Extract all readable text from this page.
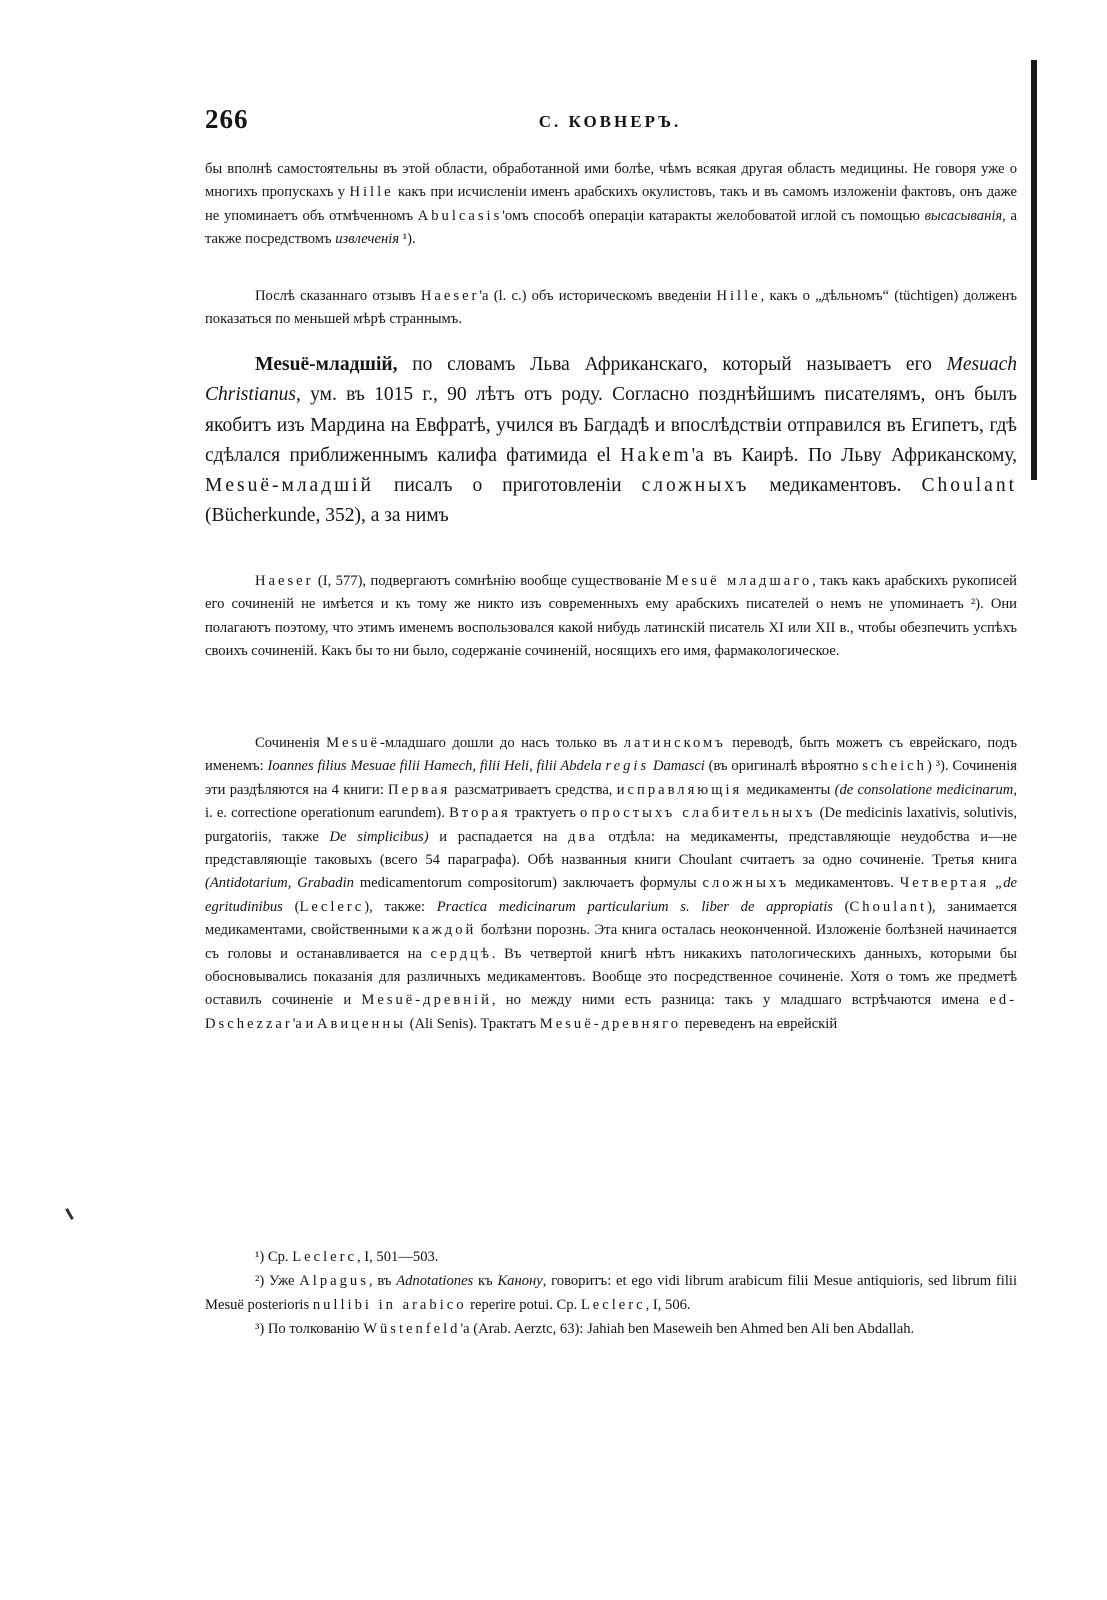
266	С. КОВНЕРЪ.

бы вполнѣ самостоятельны въ этой области, обработанной ими болѣе, чѣмъ всякая другая область медицины. Не говоря уже о многихъ пропускахъ у Hille какъ при исчисленіи именъ арабскихъ окулистовъ, такъ и въ самомъ изложеніи фактовъ, онъ даже не упоминаетъ объ отмѣченномъ Abulcasis'омъ способѣ операціи катаракты желобоватой иглой съ помощью высасыванія, а также посредствомъ извлеченія ¹).

Послѣ сказаннаго отзывъ Haeser'а (l. с.) объ историческомъ введеніи Hille, какъ о „дѣльномъ“ (tüchtigen) долженъ показаться по меньшей мѣрѣ страннымъ.

Mesuё-младшій, по словамъ Льва Африканскаго, который называетъ его Mesuach Christianus, ум. въ 1015 г., 90 лѣтъ отъ роду. Согласно позднѣйшимъ писателямъ, онъ былъ якобитъ изъ Мардина на Евфратѣ, учился въ Багдадѣ и впослѣдствіи отправился въ Египетъ, гдѣ сдѣлался приближеннымъ калифа фатимида el Hakem'а въ Каирѣ. По Льву Африканскому, Mesuё-младшій писалъ о приготовленіи сложныхъ медикаментовъ. Choulant (Bücherkunde, 352), а за нимъ

Haeser (I, 577), подвергаютъ сомнѣнію вообще существованіе Mesuё младшаго, такъ какъ арабскихъ рукописей его сочиненій не имѣется и къ тому же никто изъ современныхъ ему арабскихъ писателей о немъ не упоминаетъ ²). Они полагаютъ поэтому, что этимъ именемъ воспользовался какой нибудь латинскій писатель XI или XII в., чтобы обезпечить успѣхъ своихъ сочиненій. Какъ бы то ни было, содержаніе сочиненій, носящихъ его имя, фармакологическое.

Сочиненія Mesuё-младшаго дошли до насъ только въ латинскомъ переводѣ, быть можетъ съ еврейскаго, подъ именемъ: Ioannes filius Mesuae filii Hamech, filii Heli, filii Abdela regis Damasci (въ оригиналѣ вѣроятно scheich) ³). Сочиненія эти раздѣляются на 4 книги: Первая разсматриваетъ средства, исправляющія медикаменты (de consolatione medicinarum, i. e. correctione operationum earundem). Вторая трактуетъ о простыхъ слабительныхъ (De medicinis laxativis, solutivis, purgatoriis, также De simplicibus) и распадается на два отдѣла: на медикаменты, представляющіе неудобства и—не представляющіе таковыхъ (всего 54 параграфа). Обѣ названныя книги Choulant считаетъ за одно сочиненіе. Третья книга (Antidotarium, Grabadin medicamentorum compositorum) заключаетъ формулы сложныхъ медикаментовъ. Четвертая „de egritudinibus (Leclerc), также: Practica medicinarum particularium s. liber de appropiatis (Choulant), занимается медикаментами, свойственными каждой болѣзни порознь. Эта книга осталась неоконченной. Изложеніе болѣзней начинается съ головы и останавливается на сердцѣ. Въ четвертой книгѣ нѣтъ никакихъ патологическихъ данныхъ, которыми бы обосновывались показанія для различныхъ медикаментовъ. Вообще это посредственное сочиненіе. Хотя о томъ же предметѣ оставилъ сочиненіе и Mesuё-древній, но между ними есть разница: такъ у младшаго встрѣчаются имена ed-Dschezzar'a и Авиценны (Ali Senis). Трактатъ Mesuё-древняго переведенъ на еврейскій

¹) Ср. Leclerc, I, 501—503.

²) Уже Alpagus, въ Adnotationes къ Канону, говоритъ: et ego vidi librum arabicum filii Mesue antiquioris, sed librum filii Mesuё posterioris nullibi in arabico reperire potui. Ср. Leclerc, I, 506.

³) По толкованію Wüstenfeld'а (Arab. Aerztc, 63): Jahiah ben Maseweih ben Ahmed ben Ali ben Abdallah.
